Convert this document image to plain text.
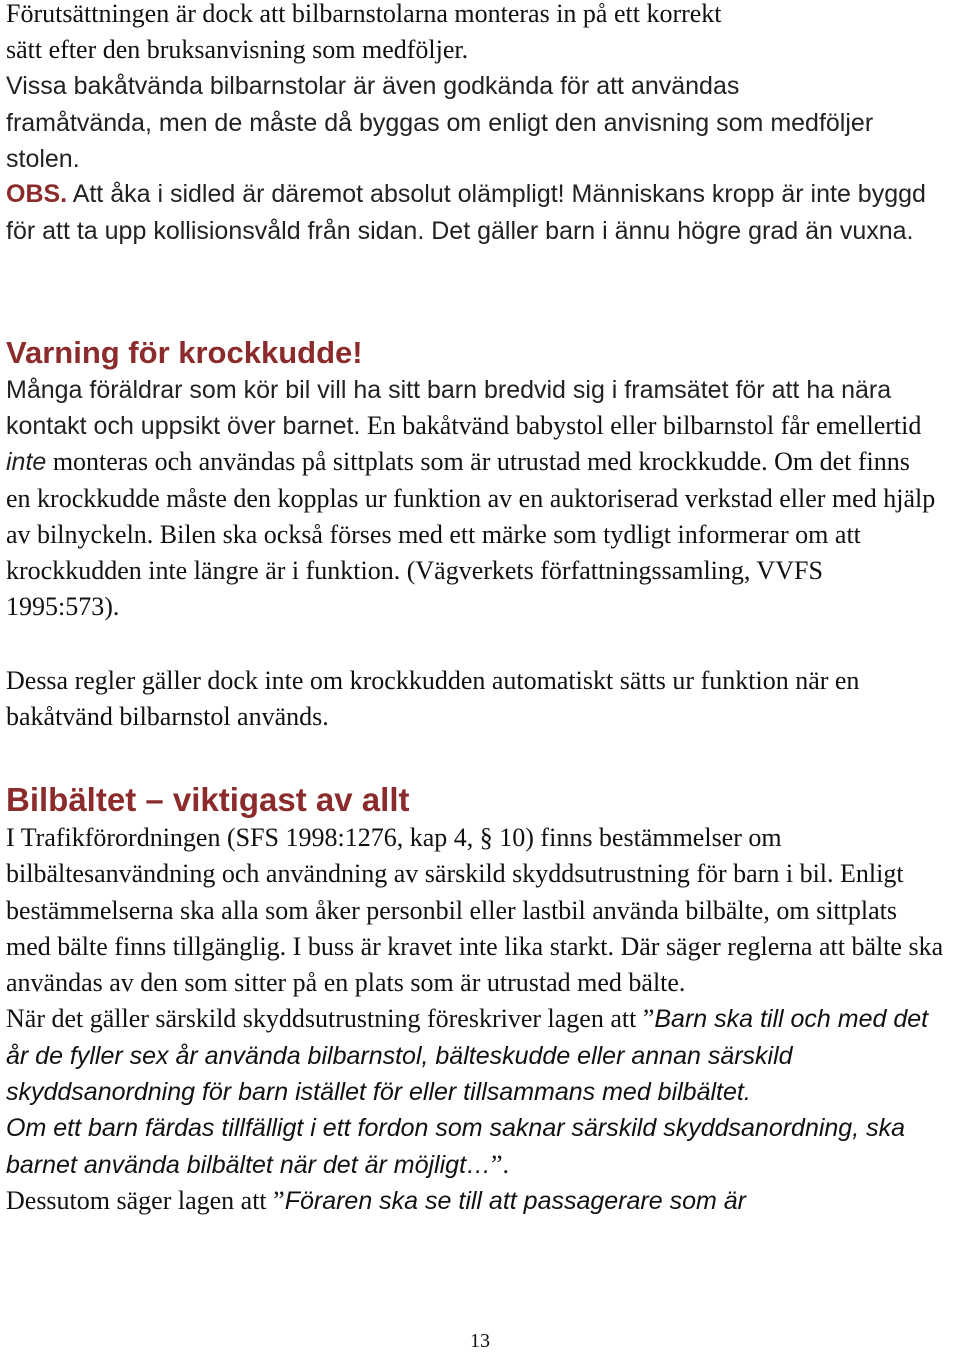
Förutsättningen är dock att bilbarnstolarna monteras in på ett korrekt

sätt efter den bruksanvisning som medföljer.

Vissa bakåtvända bilbarnstolar är även godkända för att användas framåtvända, men de måste då byggas om enligt den anvisning som medföljer stolen.

OBS. Att åka i sidled är däremot absolut olämpligt! Människans kropp är inte byggd för att ta upp kollisionsvåld från sidan. Det gäller barn i ännu högre grad än vuxna.

Varning för krockkudde!

Många föräldrar som kör bil vill ha sitt barn bredvid sig i framsätet för att ha nära kontakt och uppsikt över barnet. En bakåtvänd babystol eller bilbarnstol får emellertid inte monteras och användas på sittplats som är utrustad med krockkudde. Om det finns en krockkudde måste den kopplas ur funktion av en auktoriserad verkstad eller med hjälp av bilnyckeln. Bilen ska också förses med ett märke som tydligt informerar om att krockkudden inte längre är i funktion. (Vägverkets författningssamling, VVFS 1995:573).

Dessa regler gäller dock inte om krockkudden automatiskt sätts ur funktion när en bakåtvänd bilbarnstol används.

Bilbältet – viktigast av allt

I Trafikförordningen (SFS 1998:1276, kap 4, § 10) finns bestämmelser om bilbältesanvändning och användning av särskild skyddsutrustning för barn i bil. Enligt bestämmelserna ska alla som åker personbil eller lastbil använda bilbälte, om sittplats med bälte finns tillgänglig. I buss är kravet inte lika starkt. Där säger reglerna att bälte ska användas av den som sitter på en plats som är utrustad med bälte.

När det gäller särskild skyddsutrustning föreskriver lagen att ”Barn ska till och med det år de fyller sex år använda bilbarnstol, bälteskudde eller annan särskild skyddsanordning för barn istället för eller tillsammans med bilbältet.

Om ett barn färdas tillfälligt i ett fordon som saknar särskild skyddsanordning, ska barnet använda bilbältet när det är möjligt…”.

Dessutom säger lagen att ”Föraren ska se till att passagerare som är

13
